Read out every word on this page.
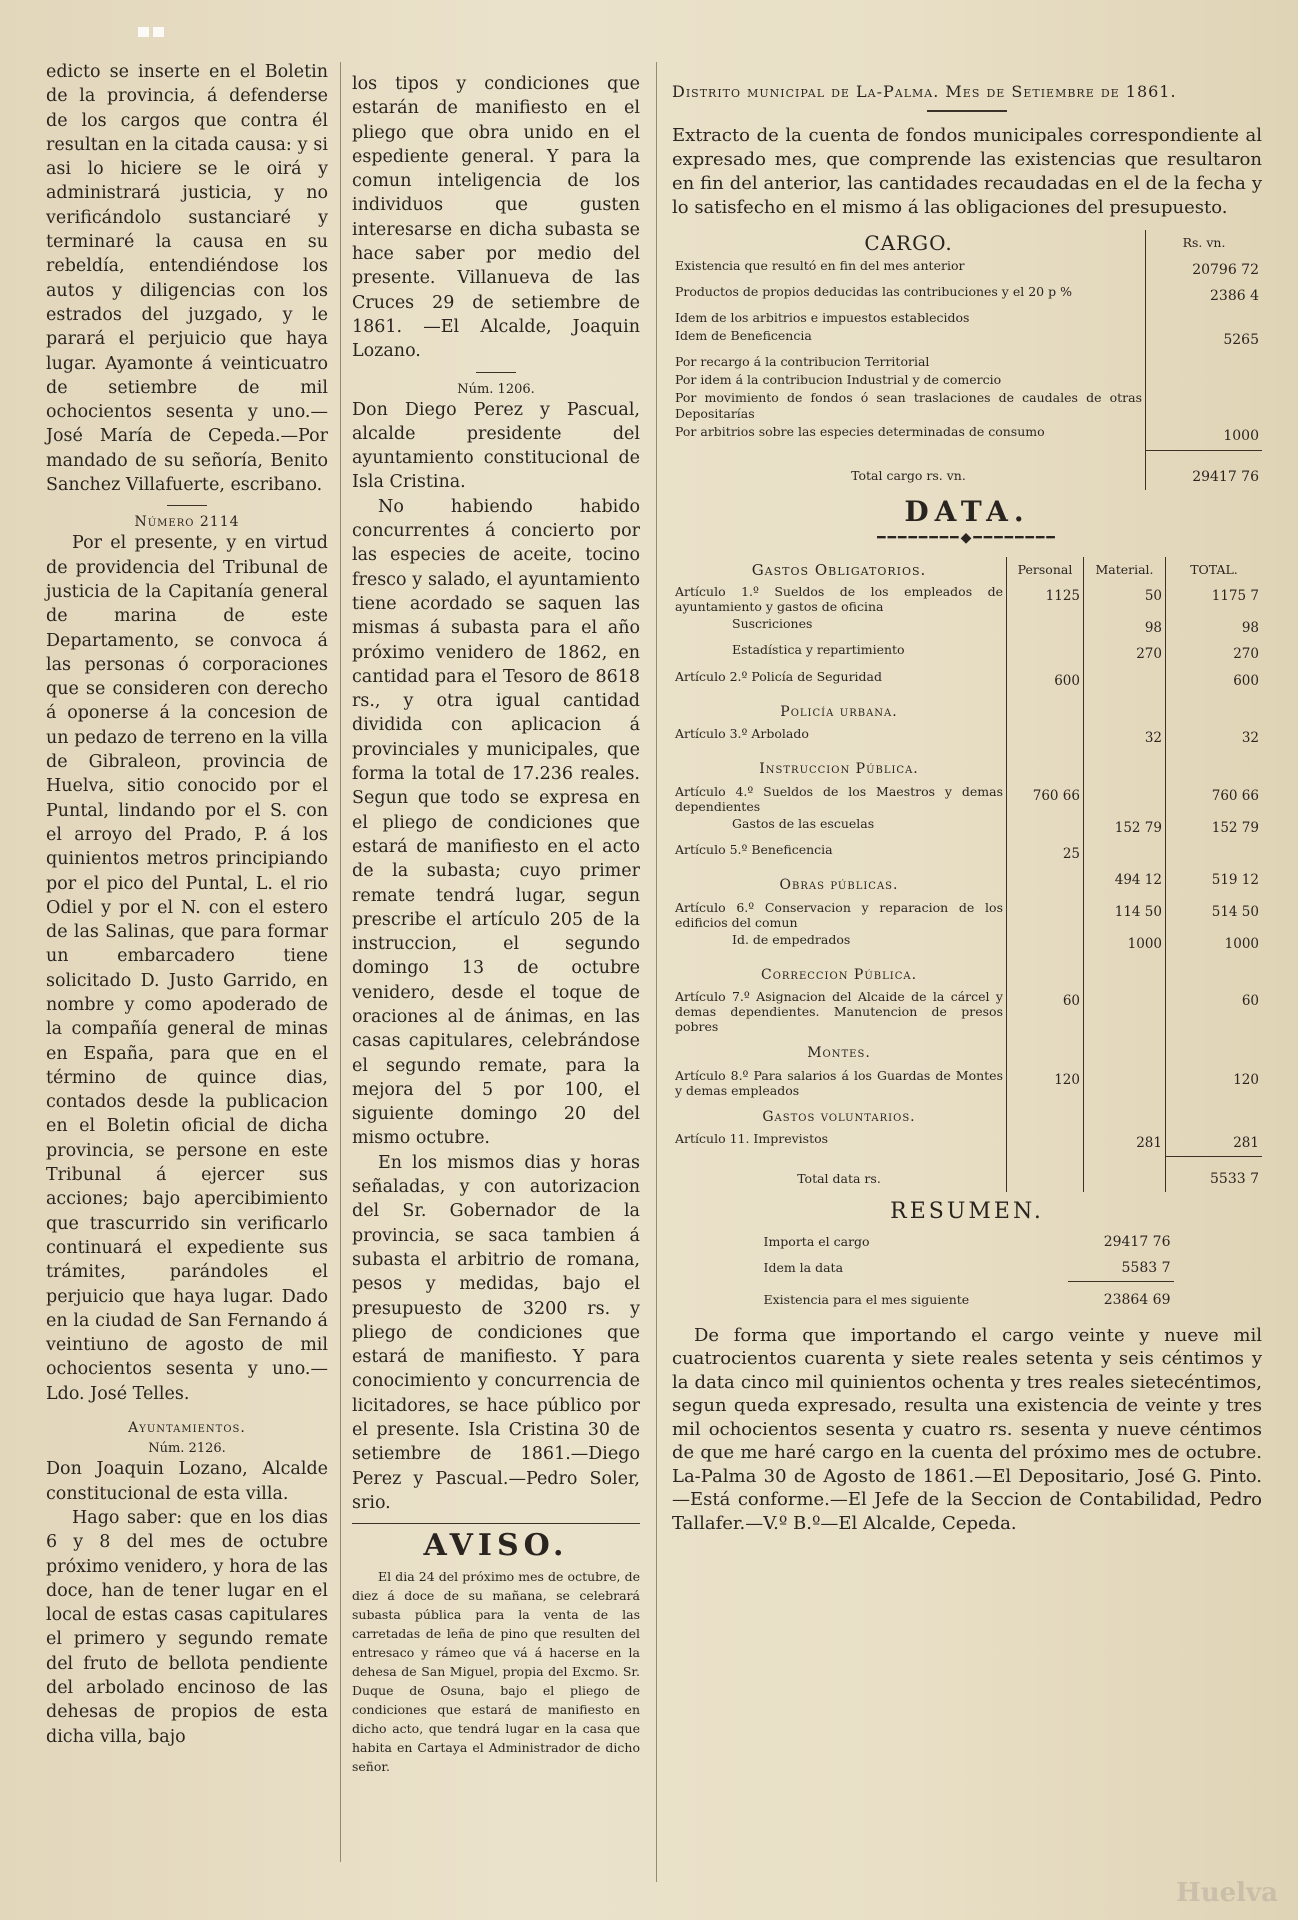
edicto se inserte en el Boletin de la provincia, á defenderse de los cargos que contra él resultan en la citada causa: y si asi lo hiciere se le oirá y administrará justicia, y no verificándolo sustanciaré y terminaré la causa en su rebeldía, entendiéndose los autos y diligencias con los estrados del juzgado, y le parará el perjuicio que haya lugar. Ayamonte á veinticuatro de setiembre de mil ochocientos sesenta y uno.—José María de Cepeda.—Por mandado de su señoría, Benito Sanchez Villafuerte, escribano.

Número 2114

Por el presente, y en virtud de providencia del Tribunal de justicia de la Capitanía general de marina de este Departamento, se convoca á las personas ó corporaciones que se consideren con derecho á oponerse á la concesion de un pedazo de terreno en la villa de Gibraleon, provincia de Huelva, sitio conocido por el Puntal, lindando por el S. con el arroyo del Prado, P. á los quinientos metros principiando por el pico del Puntal, L. el rio Odiel y por el N. con el estero de las Salinas, que para formar un embarcadero tiene solicitado D. Justo Garrido, en nombre y como apoderado de la compañía general de minas en España, para que en el término de quince dias, contados desde la publicacion en el Boletin oficial de dicha provincia, se persone en este Tribunal á ejercer sus acciones; bajo apercibimiento que trascurrido sin verificarlo continuará el expediente sus trámites, parándoles el perjuicio que haya lugar. Dado en la ciudad de San Fernando á veintiuno de agosto de mil ochocientos sesenta y uno.—Ldo. José Telles.

Ayuntamientos.

Núm. 2126.

Don Joaquin Lozano, Alcalde constitucional de esta villa.

Hago saber: que en los dias 6 y 8 del mes de octubre próximo venidero, y hora de las doce, han de tener lugar en el local de estas casas capitulares el primero y segundo remate del fruto de bellota pendiente del arbolado encinoso de las dehesas de propios de esta dicha villa, bajo

los tipos y condiciones que estarán de manifiesto en el pliego que obra unido en el espediente general. Y para la comun inteligencia de los individuos que gusten interesarse en dicha subasta se hace saber por medio del presente. Villanueva de las Cruces 29 de setiembre de 1861. —El Alcalde, Joaquin Lozano.

Núm. 1206.

Don Diego Perez y Pascual, alcalde presidente del ayuntamiento constitucional de Isla Cristina.

No habiendo habido concurrentes á concierto por las especies de aceite, tocino fresco y salado, el ayuntamiento tiene acordado se saquen las mismas á subasta para el año próximo venidero de 1862, en cantidad para el Tesoro de 8618 rs., y otra igual cantidad dividida con aplicacion á provinciales y municipales, que forma la total de 17.236 reales. Segun que todo se expresa en el pliego de condiciones que estará de manifiesto en el acto de la subasta; cuyo primer remate tendrá lugar, segun prescribe el artículo 205 de la instruccion, el segundo domingo 13 de octubre venidero, desde el toque de oraciones al de ánimas, en las casas capitulares, celebrándose el segundo remate, para la mejora del 5 por 100, el siguiente domingo 20 del mismo octubre.

En los mismos dias y horas señaladas, y con autorizacion del Sr. Gobernador de la provincia, se saca tambien á subasta el arbitrio de romana, pesos y medidas, bajo el presupuesto de 3200 rs. y pliego de condiciones que estará de manifiesto. Y para conocimiento y concurrencia de licitadores, se hace público por el presente. Isla Cristina 30 de setiembre de 1861.—Diego Perez y Pascual.—Pedro Soler, srio.

AVISO.

El dia 24 del próximo mes de octubre, de diez á doce de su mañana, se celebrará subasta pública para la venta de las carretadas de leña de pino que resulten del entresaco y rámeo que vá á hacerse en la dehesa de San Miguel, propia del Excmo. Sr. Duque de Osuna, bajo el pliego de condiciones que estará de manifiesto en dicho acto, que tendrá lugar en la casa que habita en Cartaya el Administrador de dicho señor.

Distrito municipal de La-Palma. Mes de Setiembre de 1861.

Extracto de la cuenta de fondos municipales correspondiente al expresado mes, que comprende las existencias que resultaron en fin del anterior, las cantidades recaudadas en el de la fecha y lo satisfecho en el mismo á las obligaciones del presupuesto.

CARGO.	Rs. vn.
Existencia que resultó en fin del mes anterior	20796 72
Productos de propios deducidas las contribuciones y el 20 p %	2386 4
Idem de los arbitrios e impuestos establecidos	
Idem de Beneficencia	5265
Por recargo á la contribucion Territorial	
Por idem á la contribucion Industrial y de comercio	
Por movimiento de fondos ó sean traslaciones de caudales de otras Depositarías	
Por arbitrios sobre las especies determinadas de consumo	1000
Total cargo rs. vn.	29417 76
DATA.
━━━━━━━━◆━━━━━━━━
Gastos Obligatorios.	Personal	Material.	TOTAL.
Artículo 1.º Sueldos de los empleados de ayuntamiento y gastos de oficina	1125	50	1175 7
Suscriciones		98	98
Estadística y repartimiento		270	270
Artículo 2.º Policía de Seguridad	600		600
Policía urbana.			
Artículo 3.º Arbolado		32	32
Instruccion Pública.			
Artículo 4.º Sueldos de los Maestros y demas dependientes	760 66		760 66
Gastos de las escuelas		152 79	152 79
Artículo 5.º Beneficencia	25		
Obras públicas.		494 12	519 12
Artículo 6.º Conservacion y reparacion de los edificios del comun		114 50	514 50
Id. de empedrados		1000	1000
Correccion Pública.			
Artículo 7.º Asignacion del Alcaide de la cárcel y demas dependientes. Manutencion de presos pobres	60		60
Montes.			
Artículo 8.º Para salarios á los Guardas de Montes y demas empleados	120		120
Gastos voluntarios.			
Artículo 11. Imprevistos		281	281
Total data rs.			5533 7
RESUMEN.
Importa el cargo	29417 76
Idem la data	5583 7
Existencia para el mes siguiente	23864 69

De forma que importando el cargo veinte y nueve mil cuatrocientos cuarenta y siete reales setenta y seis céntimos y la data cinco mil quinientos ochenta y tres reales sietecéntimos, segun queda expresado, resulta una existencia de veinte y tres mil ochocientos sesenta y cuatro rs. sesenta y nueve céntimos de que me haré cargo en la cuenta del próximo mes de octubre. La-Palma 30 de Agosto de 1861.—El Depositario, José G. Pinto.—Está conforme.—El Jefe de la Seccion de Contabilidad, Pedro Tallafer.—V.º B.º—El Alcalde, Cepeda.

Huelva
